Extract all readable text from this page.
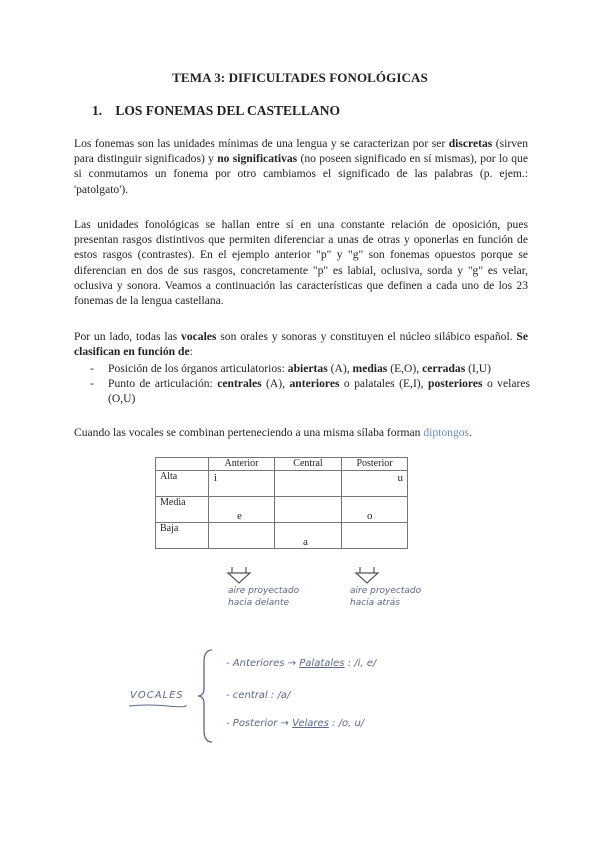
TEMA 3: DIFICULTADES FONOLÓGICAS
1. LOS FONEMAS DEL CASTELLANO

Los fonemas son las unidades mínimas de una lengua y se caracterizan por ser discretas (sirven para distinguir significados) y no significativas (no poseen significado en sí mismas), por lo que si conmutamos un fonema por otro cambiamos el significado de las palabras (p. ejem.: 'patolgato').

Las unidades fonológicas se hallan entre sí en una constante relación de oposición, pues presentan rasgos distintivos que permiten diferenciar a unas de otras y oponerlas en función de estos rasgos (contrastes). En el ejemplo anterior "p" y "g" son fonemas opuestos porque se diferencian en dos de sus rasgos, concretamente "p" es labial, oclusiva, sorda y "g" es velar, oclusiva y sonora. Veamos a continuación las características que definen a cada uno de los 23 fonemas de la lengua castellana.

Por un lado, todas las vocales son orales y sonoras y constituyen el núcleo silábico español. Se clasifican en función de:

- Posición de los órganos articulatorios: abiertas (A), medias (E,O), cerradas (I,U)
- Punto de articulación: centrales (A), anteriores o palatales (E,I), posteriores o velares (O,U)

Cuando las vocales se combinan perteneciendo a una misma sílaba forman diptongos.

	Anterior	Central	Posterior
Alta	i		u

Media	e		o

Baja		a	

aire proyectado
hacia delante
aire proyectado
hacia atrás
VOCALES
- Anteriores → Palatales : /i, e/
- central : /a/
- Posterior → Velares : /o, u/
